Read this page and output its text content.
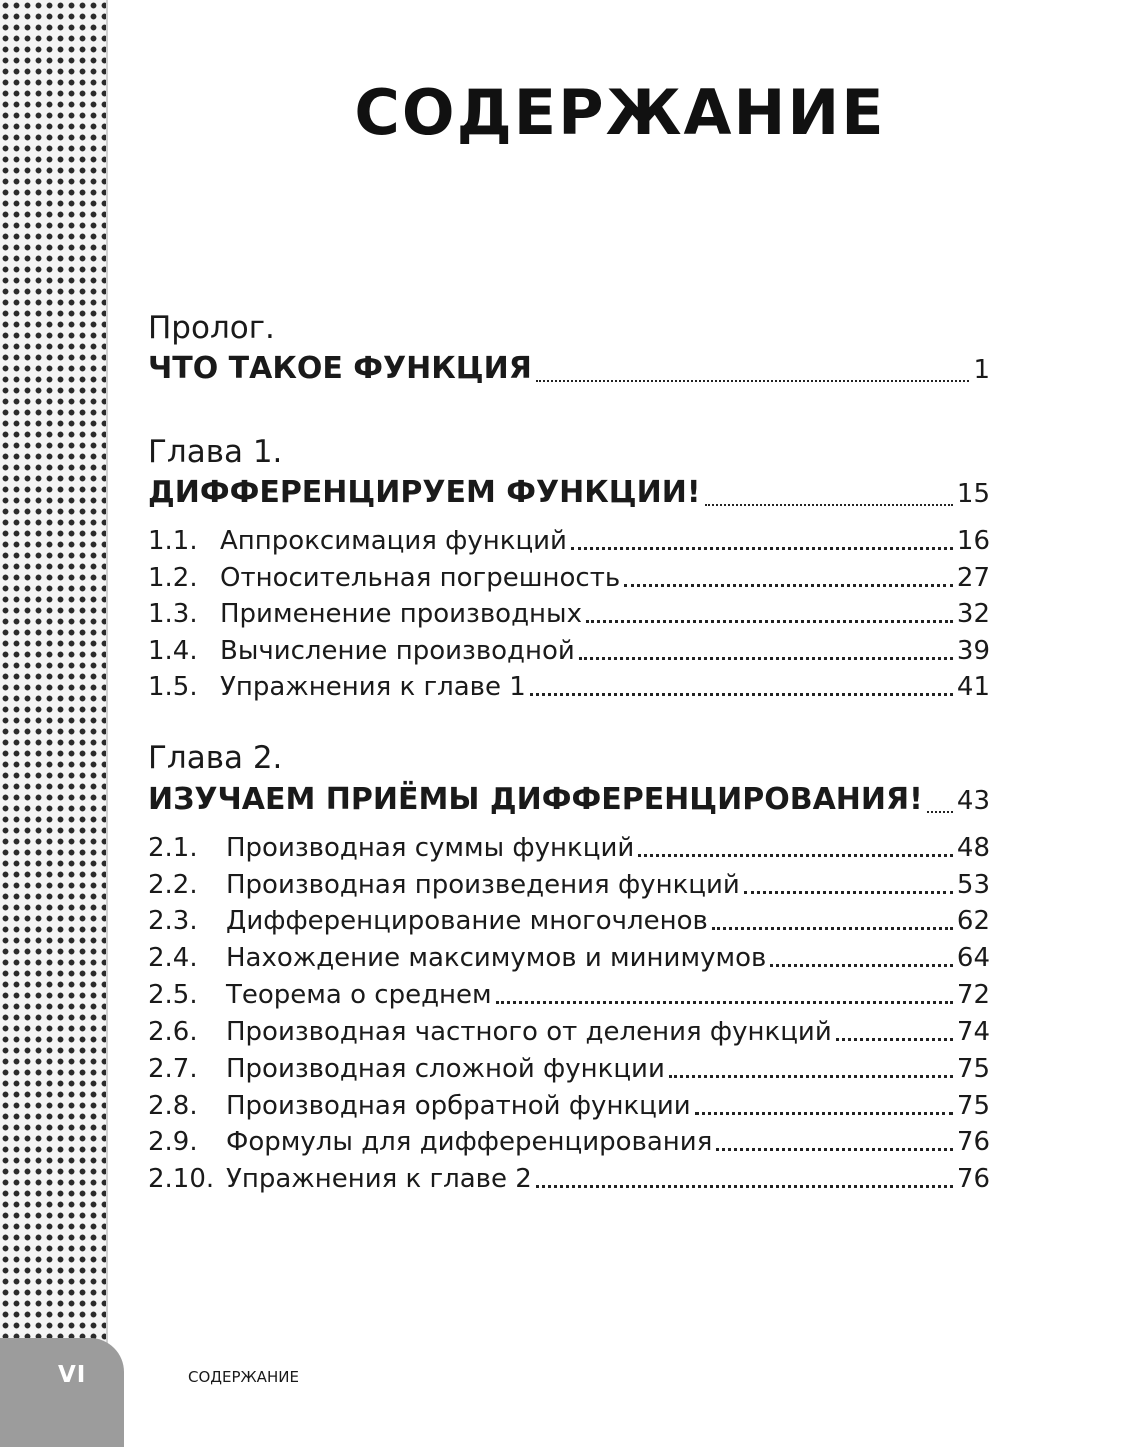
СОДЕРЖАНИЕ
Пролог.
ЧТО ТАКОЕ ФУНКЦИЯ	1
Глава 1.
ДИФФЕРЕНЦИРУЕМ ФУНКЦИИ!	15
1.1. Аппроксимация функций	16
1.2. Относительная погрешность	27
1.3. Применение производных	32
1.4. Вычисление производной	39
1.5. Упражнения к главе 1	41
Глава 2.
ИЗУЧАЕМ ПРИЁМЫ ДИФФЕРЕНЦИРОВАНИЯ! 43
2.1.	Производная суммы функций	48
2.2.	Производная произведения функций	53
2.3.	Дифференцирование многочленов	62
2.4.	Нахождение максимумов и минимумов	64
2.5.	Теорема о среднем	72
2.6.	Производная частного от деления функций	74
2.7.	Производная сложной функции	75
2.8.	Производная орбратной функции	75
2.9.	Формулы для дифференцирования	76
2.10. Упражнения к главе 2	76
VI	СОДЕРЖАНИЕ
